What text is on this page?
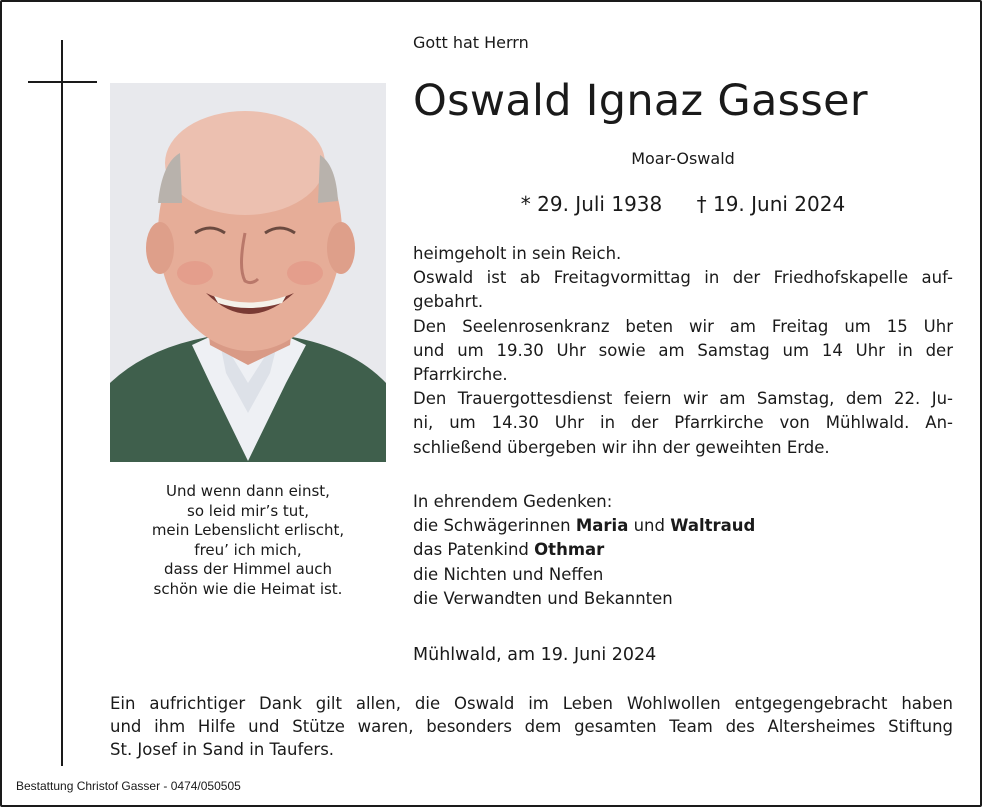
Und wenn dann einst,
so leid mir’s tut,
mein Lebenslicht erlischt,
freu’ ich mich,
dass der Himmel auch
schön wie die Heimat ist.
Gott hat Herrn
Oswald Ignaz Gasser
Moar-Oswald
* 29. Juli 1938 † 19. Juni 2024
heimgeholt in sein Reich.
Oswald ist ab Freitagvormittag in der Friedhofskapelle auf-
gebahrt.
Den Seelenrosenkranz beten wir am Freitag um 15 Uhr
und um 19.30 Uhr sowie am Samstag um 14 Uhr in der
Pfarrkirche.
Den Trauergottesdienst feiern wir am Samstag, dem 22. Ju-
ni, um 14.30 Uhr in der Pfarrkirche von Mühlwald. An-
schließend übergeben wir ihn der geweihten Erde.
In ehrendem Gedenken:
die Schwägerinnen Maria und Waltraud
das Patenkind Othmar
die Nichten und Neffen
die Verwandten und Bekannten
Mühlwald, am 19. Juni 2024
Ein aufrichtiger Dank gilt allen, die Oswald im Leben Wohlwollen entgegengebracht haben
und ihm Hilfe und Stütze waren, besonders dem gesamten Team des Altersheimes Stiftung
St. Josef in Sand in Taufers.
Bestattung Christof Gasser - 0474/050505
